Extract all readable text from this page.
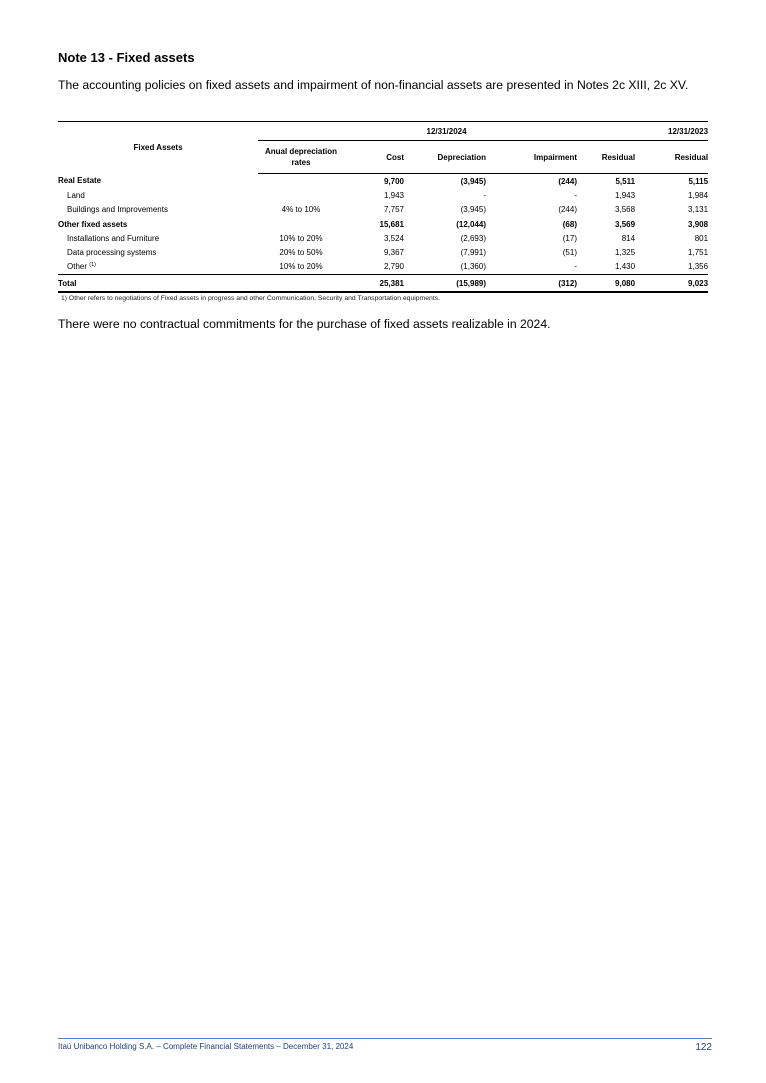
Note 13 - Fixed assets
The accounting policies on fixed assets and impairment of non-financial assets are presented in Notes 2c XIII, 2c XV.
Fixed Assets	12/31/2024					12/31/2023
	Anual depreciation rates	Cost	Depreciation	Impairment	Residual	Residual
Real Estate		9,700	(3,945)	(244)	5,511	5,115
Land		1,943	-	-	1,943	1,984
Buildings and Improvements	4% to 10%	7,757	(3,945)	(244)	3,568	3,131
Other fixed assets		15,681	(12,044)	(68)	3,569	3,908
Installations and Furniture	10% to 20%	3,524	(2,693)	(17)	814	801
Data processing systems	20% to 50%	9,367	(7,991)	(51)	1,325	1,751
Other $^{(1)}$	10% to 20%	2,790	(1,360)	-	1,430	1,356
Total		25,381	(15,989)	(312)	9,080	9,023
1) Other refers to negotiations of Fixed assets in progress and other Communication, Security and Transportation equipments.
There were no contractual commitments for the purchase of fixed assets realizable in 2024.
Itaú Unibanco Holding S.A. – Complete Financial Statements – December 31, 2024	122
